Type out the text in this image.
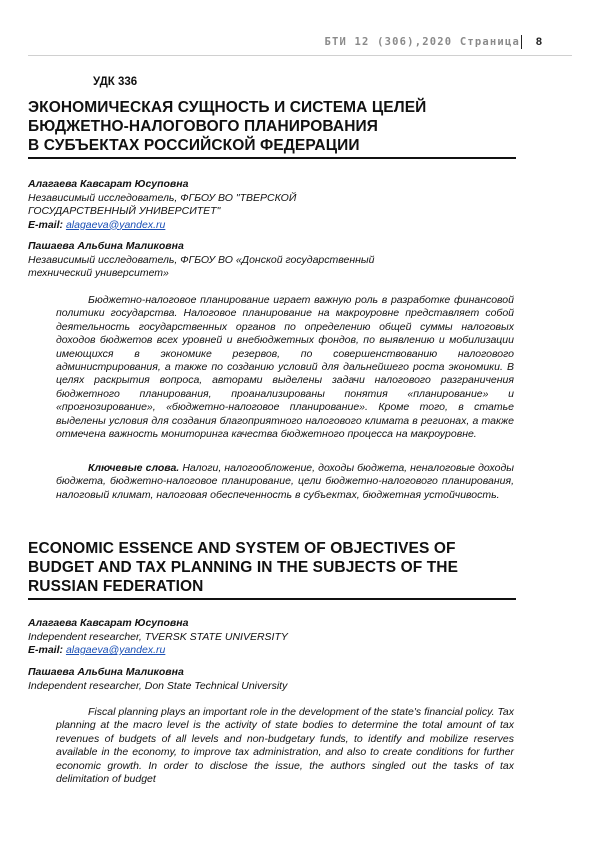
БТИ 12 (306),2020 Страница 8
УДК 336
ЭКОНОМИЧЕСКАЯ СУЩНОСТЬ И СИСТЕМА ЦЕЛЕЙ
БЮДЖЕТНО-НАЛОГОВОГО ПЛАНИРОВАНИЯ
В СУБЪЕКТАХ РОССИЙСКОЙ ФЕДЕРАЦИИ
Алагаева Кавсарат Юсуповна
Независимый исследователь, ФГБОУ ВО "ТВЕРСКОЙ
ГОСУДАРСТВЕННЫЙ УНИВЕРСИТЕТ"
E-mail: alagaeva@yandex.ru
Пашаева Альбина Маликовна
Независимый исследователь, ФГБОУ ВО «Донской государственный
технический университет»
Бюджетно-налоговое планирование играет важную роль в разработке финансовой политики государства. Налоговое планирование на макроуровне представляет собой деятельность государственных органов по определению общей суммы налоговых доходов бюджетов всех уровней и внебюджетных фондов, по выявлению и мобилизации имеющихся в экономике резервов, по совершенствованию налогового администрирования, а также по созданию условий для дальнейшего роста экономики. В целях раскрытия вопроса, авторами выделены задачи налогового разграничения бюджетного планирования, проанализированы понятия «планирование» и «прогнозирование», «бюджетно-налоговое планирование». Кроме того, в статье выделены условия для создания благоприятного налогового климата в регионах, а также отмечена важность мониторинга качества бюджетного процесса на макроуровне.
Ключевые слова. Налоги, налогообложение, доходы бюджета, неналоговые доходы бюджета, бюджетно-налоговое планирование, цели бюджетно-налогового планирования, налоговый климат, налоговая обеспеченность в субъектах, бюджетная устойчивость.
ECONOMIC ESSENCE AND SYSTEM OF OBJECTIVES OF
BUDGET AND TAX PLANNING IN THE SUBJECTS OF THE
RUSSIAN FEDERATION
Алагаева Кавсарат Юсуповна
Independent researcher, TVERSK STATE UNIVERSITY
E-mail: alagaeva@yandex.ru
Пашаева Альбина Маликовна
Independent researcher, Don State Technical University
Fiscal planning plays an important role in the development of the state's financial policy. Tax planning at the macro level is the activity of state bodies to determine the total amount of tax revenues of budgets of all levels and non-budgetary funds, to identify and mobilize reserves available in the economy, to improve tax administration, and also to create conditions for further economic growth. In order to disclose the issue, the authors singled out the tasks of tax delimitation of budget
